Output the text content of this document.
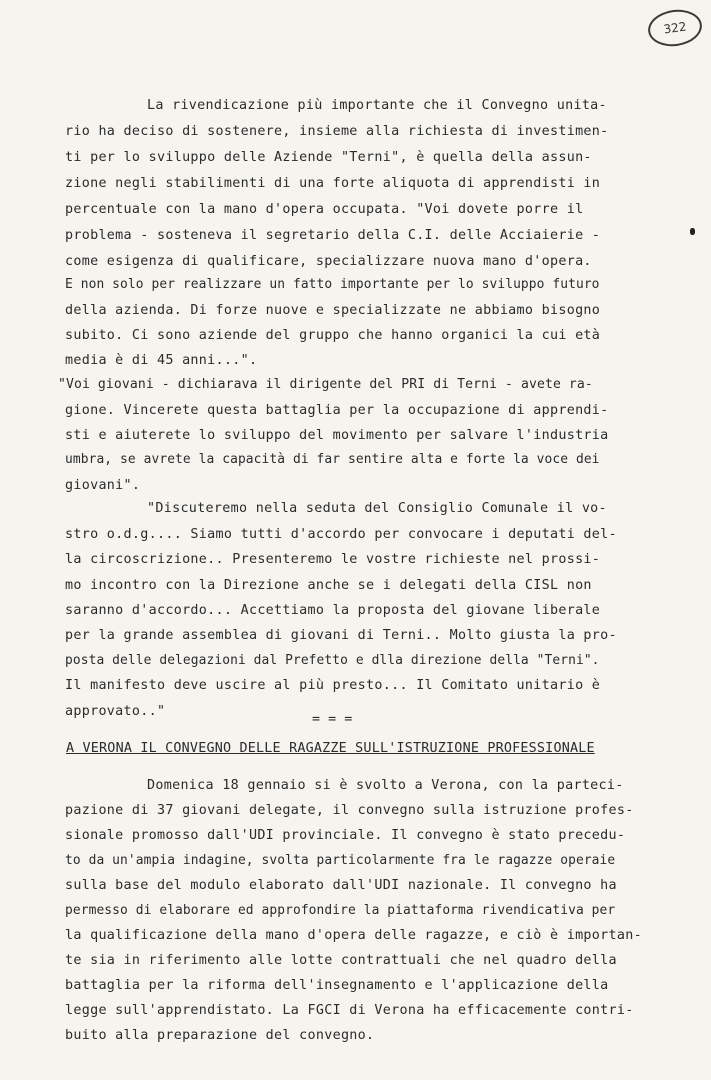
322
La rivendicazione più importante che il Convegno unita-
rio ha deciso di sostenere, insieme alla richiesta di investimen-
ti per lo sviluppo delle Aziende "Terni", è quella della assun-
zione negli stabilimenti di una forte aliquota di apprendisti in
percentuale con la mano d'opera occupata. "Voi dovete porre il
problema - sosteneva il segretario della C.I. delle Acciaierie -
come esigenza di qualificare, specializzare nuova mano d'opera.
E non solo per realizzare un fatto importante per lo sviluppo futuro
della azienda. Di forze nuove e specializzate ne abbiamo bisogno
subito. Ci sono aziende del gruppo che hanno organici la cui età
media è di 45 anni...".
"Voi giovani - dichiarava il dirigente del PRI di Terni - avete ra-
gione. Vincerete questa battaglia per la occupazione di apprendi-
sti e aiuterete lo sviluppo del movimento per salvare l'industria
umbra, se avrete la capacità di far sentire alta e forte la voce dei
giovani".
"Discuteremo nella seduta del Consiglio Comunale il vo-
stro o.d.g.... Siamo tutti d'accordo per convocare i deputati del-
la circoscrizione.. Presenteremo le vostre richieste nel prossi-
mo incontro con la Direzione anche se i delegati della CISL non
saranno d'accordo... Accettiamo la proposta del giovane liberale
per la grande assemblea di giovani di Terni.. Molto giusta la pro-
posta delle delegazioni dal Prefetto e dlla direzione della "Terni".
Il manifesto deve uscire al più presto... Il Comitato unitario è
approvato.."
= = =
A VERONA IL CONVEGNO DELLE RAGAZZE SULL'ISTRUZIONE PROFESSIONALE
Domenica 18 gennaio si è svolto a Verona, con la parteci-
pazione di 37 giovani delegate, il convegno sulla istruzione profes-
sionale promosso dall'UDI provinciale. Il convegno è stato precedu-
to da un'ampia indagine, svolta particolarmente fra le ragazze operaie
sulla base del modulo elaborato dall'UDI nazionale. Il convegno ha
permesso di elaborare ed approfondire la piattaforma rivendicativa per
la qualificazione della mano d'opera delle ragazze, e ciò è importan-
te sia in riferimento alle lotte contrattuali che nel quadro della
battaglia per la riforma dell'insegnamento e l'applicazione della
legge sull'apprendistato. La FGCI di Verona ha efficacemente contri-
buito alla preparazione del convegno.
